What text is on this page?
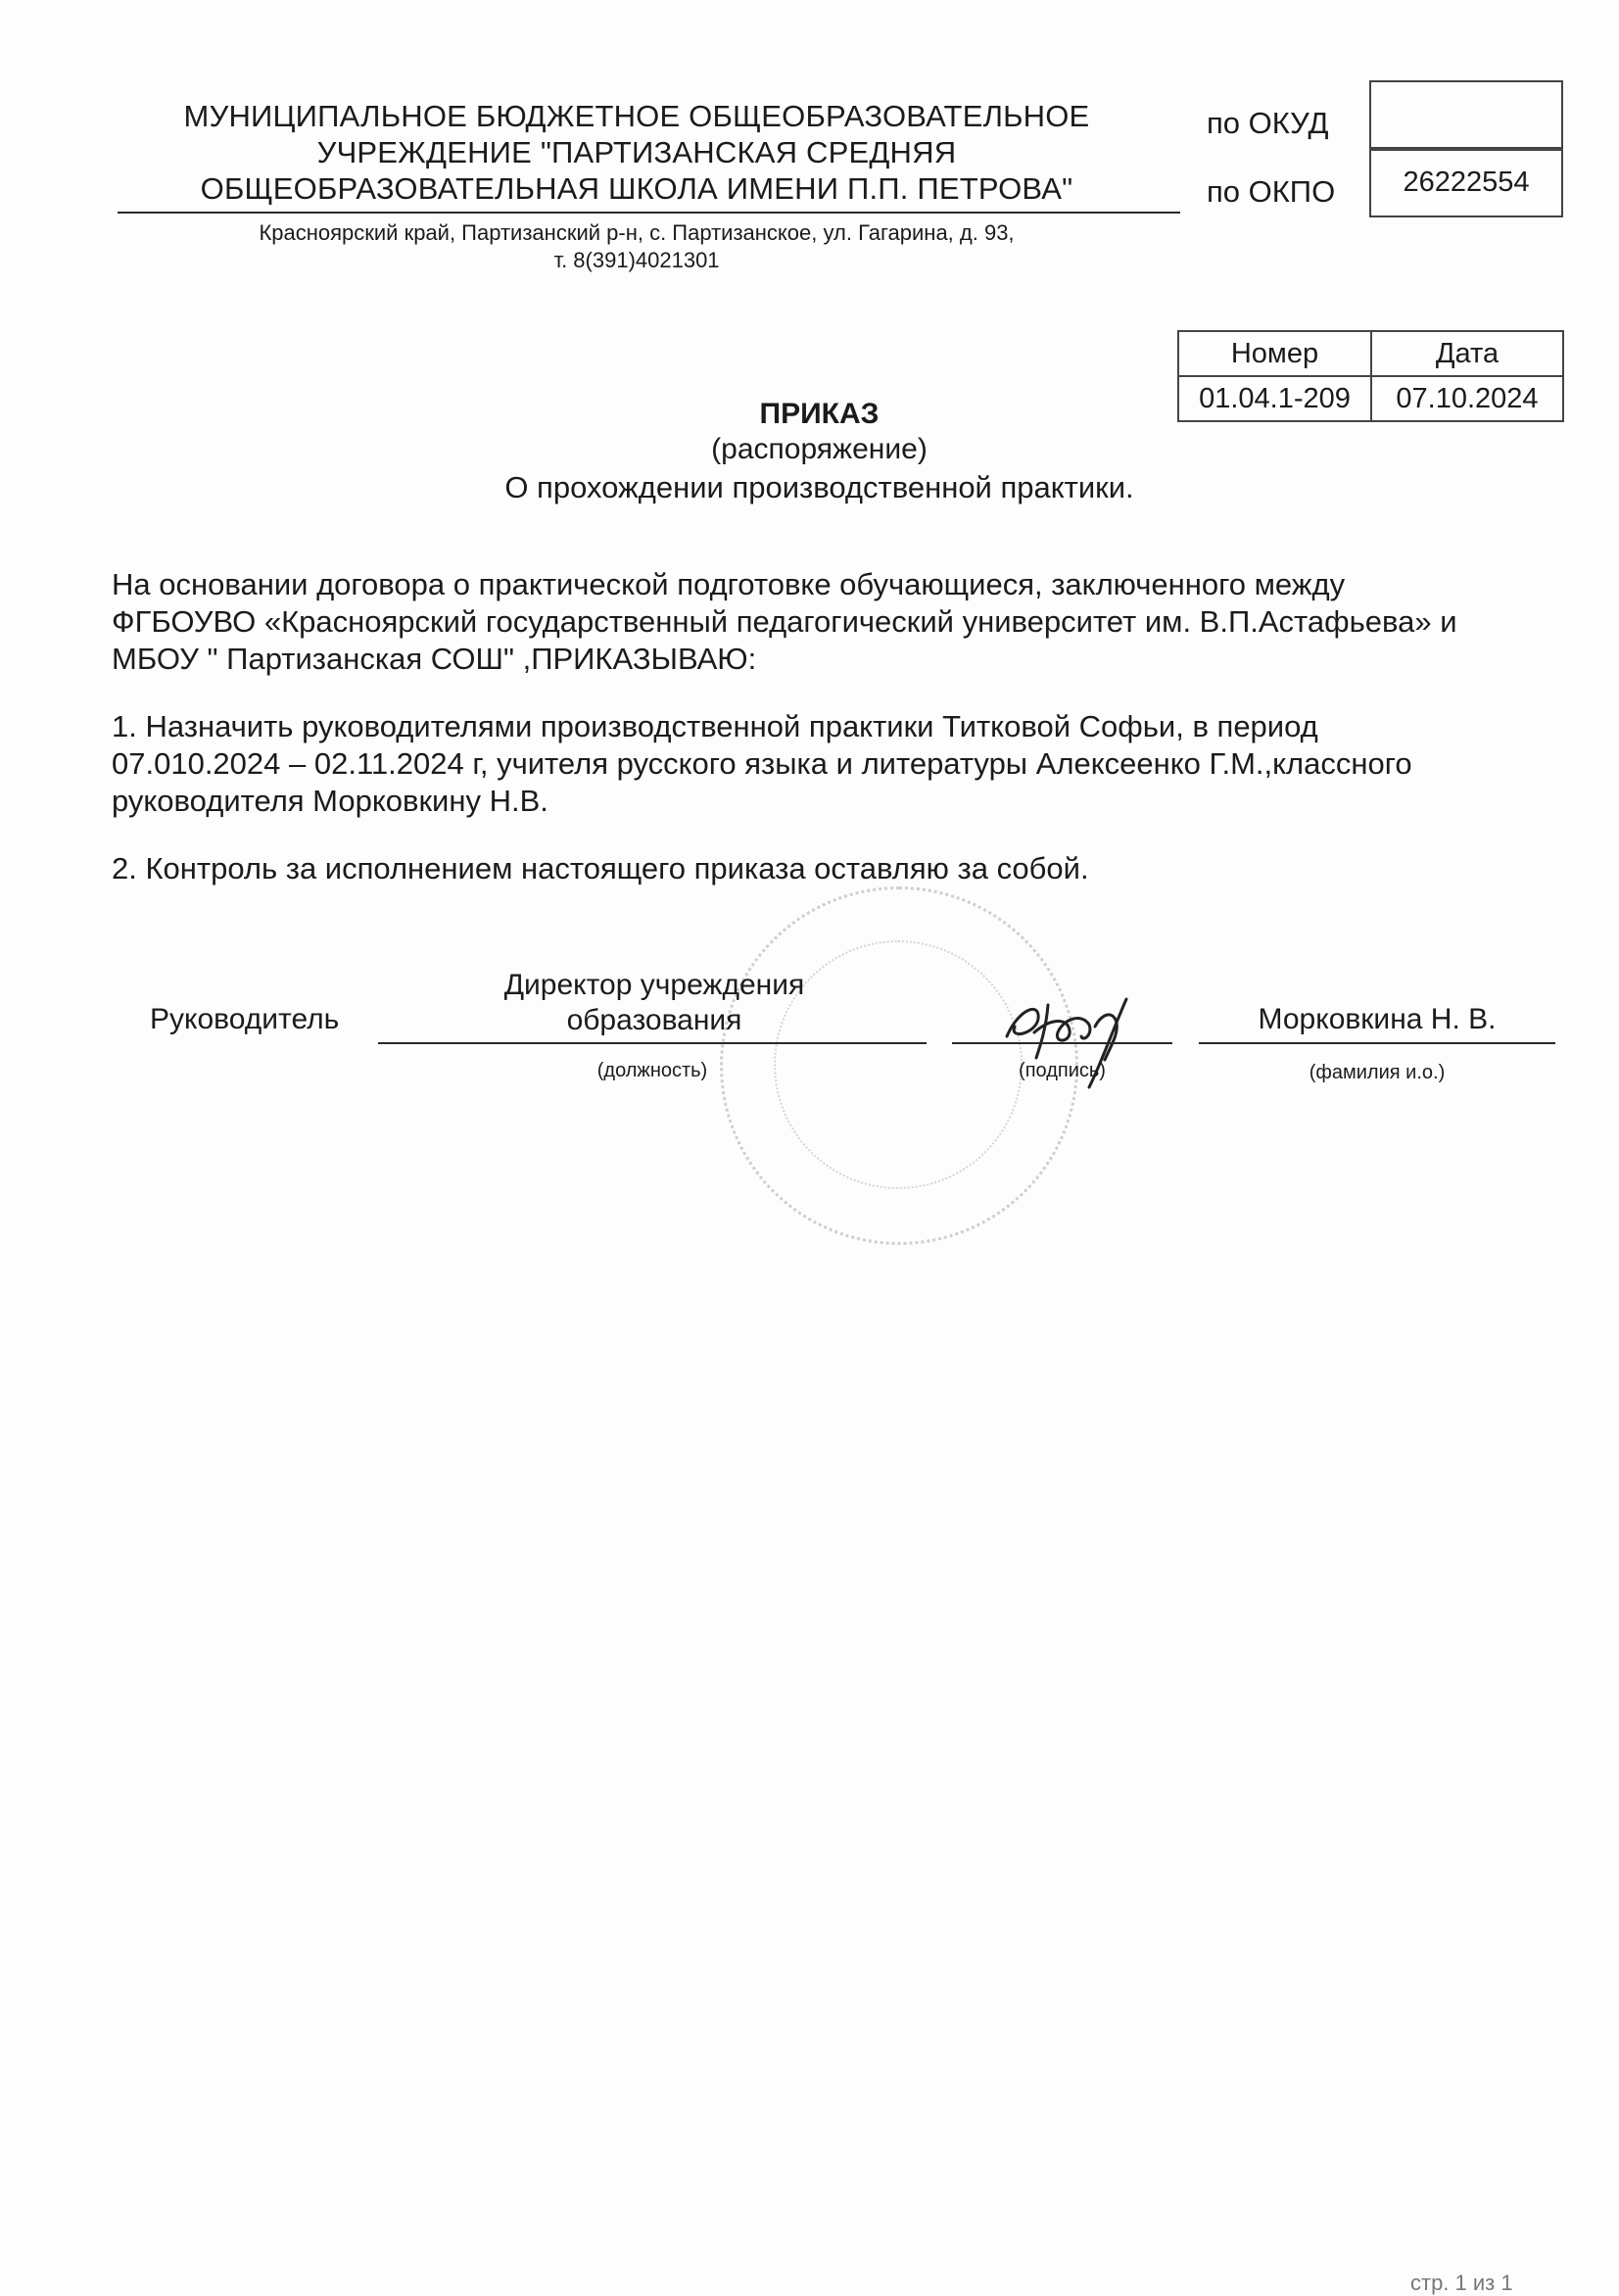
МУНИЦИПАЛЬНОЕ БЮДЖЕТНОЕ ОБЩЕОБРАЗОВАТЕЛЬНОЕ
УЧРЕЖДЕНИЕ "ПАРТИЗАНСКАЯ СРЕДНЯЯ
ОБЩЕОБРАЗОВАТЕЛЬНАЯ ШКОЛА ИМЕНИ П.П. ПЕТРОВА"
Красноярский край, Партизанский р-н, с. Партизанское, ул. Гагарина, д. 93,
т. 8(391)4021301
по ОКУД
по ОКПО	26222554
Номер	Дата
01.04.1-209	07.10.2024
ПРИКАЗ
(распоряжение)
О прохождении производственной практики.
На основании договора о практической подготовке обучающиеся, заключенного между
ФГБОУВО «Красноярский государственный педагогический университет им. В.П.Астафьева» и
МБОУ " Партизанская СОШ" ,ПРИКАЗЫВАЮ:
1. Назначить руководителями производственной практики Титковой Софьи, в период
07.010.2024 – 02.11.2024 г, учителя русского языка и литературы Алексеенко Г.М.,классного
руководителя Морковкину Н.В.
2. Контроль за исполнением настоящего приказа оставляю за собой.
Руководитель
Директор учреждения
образования
(должность)	(подпись)
Морковкина Н. В.
(фамилия и.о.)
стр. 1 из 1
